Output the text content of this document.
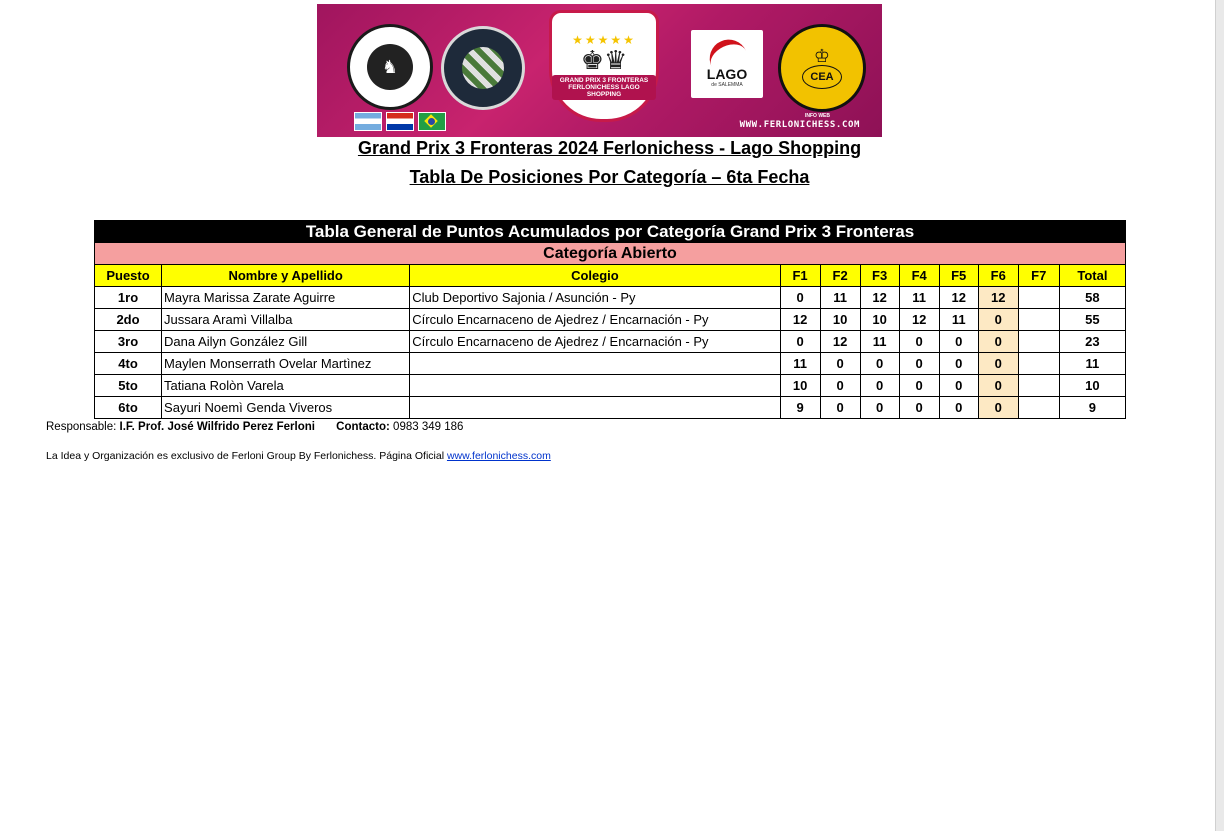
♞
★★★★★
♚♛
GRAND PRIX 3 FRONTERAS FERLONICHESS LAGO SHOPPING
LAGO
de SALEMMA
♔
CEA
INFO WEB
WWW.FERLONICHESS.COM
Grand Prix 3 Fronteras 2024 Ferlonichess - Lago Shopping
Tabla De Posiciones Por Categoría – 6ta Fecha
Tabla General de Puntos Acumulados por Categoría Grand Prix 3 Fronteras										
Categoría Abierto										
Puesto	Nombre y Apellido	Colegio	F1	F2	F3	F4	F5	F6	F7	Total
1ro	Mayra Marissa Zarate Aguirre	Club Deportivo Sajonia / Asunción - Py	0	11	12	11	12	12		58
2do	Jussara Aramì Villalba	Círculo Encarnaceno de Ajedrez / Encarnación - Py	12	10	10	12	11	0		55
3ro	Dana Ailyn González Gill	Círculo Encarnaceno de Ajedrez / Encarnación - Py	0	12	11	0	0	0		23
4to	Maylen Monserrath Ovelar Martìnez		11	0	0	0	0	0		11
5to	Tatiana Rolòn Varela		10	0	0	0	0	0		10
6to	Sayuri Noemì Genda Viveros		9	0	0	0	0	0		9
Responsable: I.F. Prof. José Wilfrido Perez Ferloni Contacto: 0983 349 186
La Idea y Organización es exclusivo de Ferloni Group By Ferlonichess. Página Oficial www.ferlonichess.com
